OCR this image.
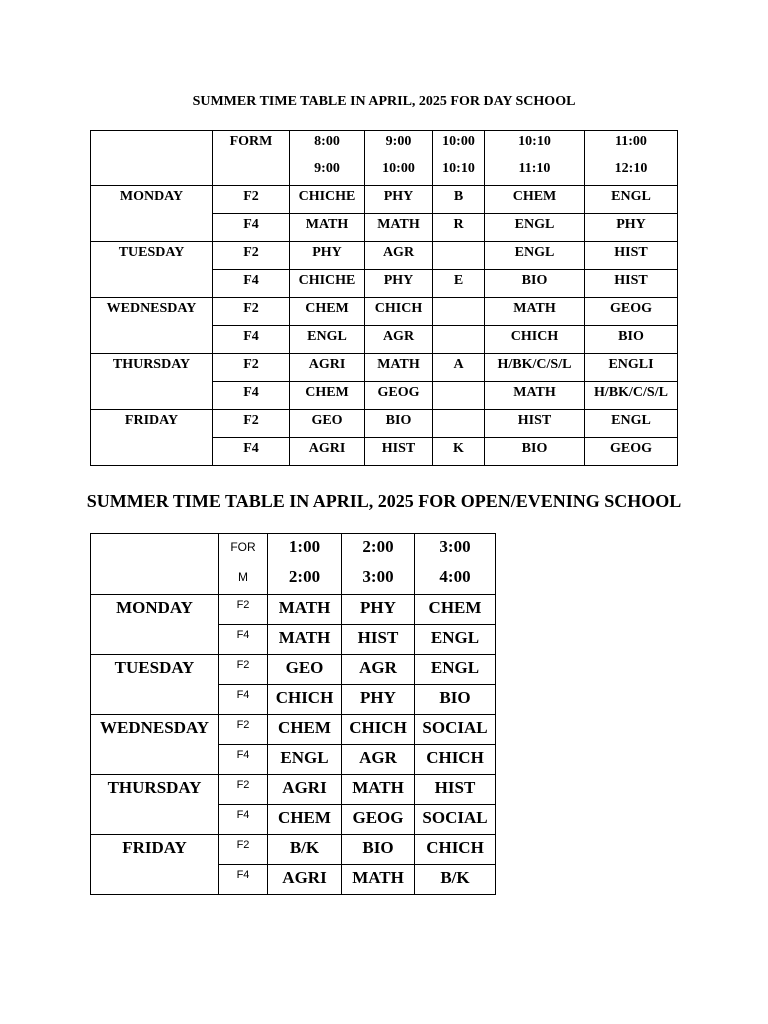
SUMMER TIME TABLE IN APRIL, 2025 FOR DAY SCHOOL
	FORM	8:00	9:00	10:00	10:10	11:00
		9:00	10:00	10:10	11:10	12:10
MONDAY	F2	CHICHE	PHY	B	CHEM	ENGL
	F4	MATH	MATH	R	ENGL	PHY
TUESDAY	F2	PHY	AGR		ENGL	HIST
	F4	CHICHE	PHY	E	BIO	HIST
WEDNESDAY	F2	CHEM	CHICH		MATH	GEOG
	F4	ENGL	AGR		CHICH	BIO
THURSDAY	F2	AGRI	MATH	A	H/BK/C/S/L	ENGLI
	F4	CHEM	GEOG		MATH	H/BK/C/S/L
FRIDAY	F2	GEO	BIO		HIST	ENGL
	F4	AGRI	HIST	K	BIO	GEOG
SUMMER TIME TABLE IN APRIL, 2025 FOR OPEN/EVENING SCHOOL
	FOR	1:00	2:00	3:00
	M	2:00	3:00	4:00
MONDAY	F2	MATH	PHY	CHEM
	F4	MATH	HIST	ENGL
TUESDAY	F2	GEO	AGR	ENGL
	F4	CHICH	PHY	BIO
WEDNESDAY	F2	CHEM	CHICH	SOCIAL
	F4	ENGL	AGR	CHICH
THURSDAY	F2	AGRI	MATH	HIST
	F4	CHEM	GEOG	SOCIAL
FRIDAY	F2	B/K	BIO	CHICH
	F4	AGRI	MATH	B/K
